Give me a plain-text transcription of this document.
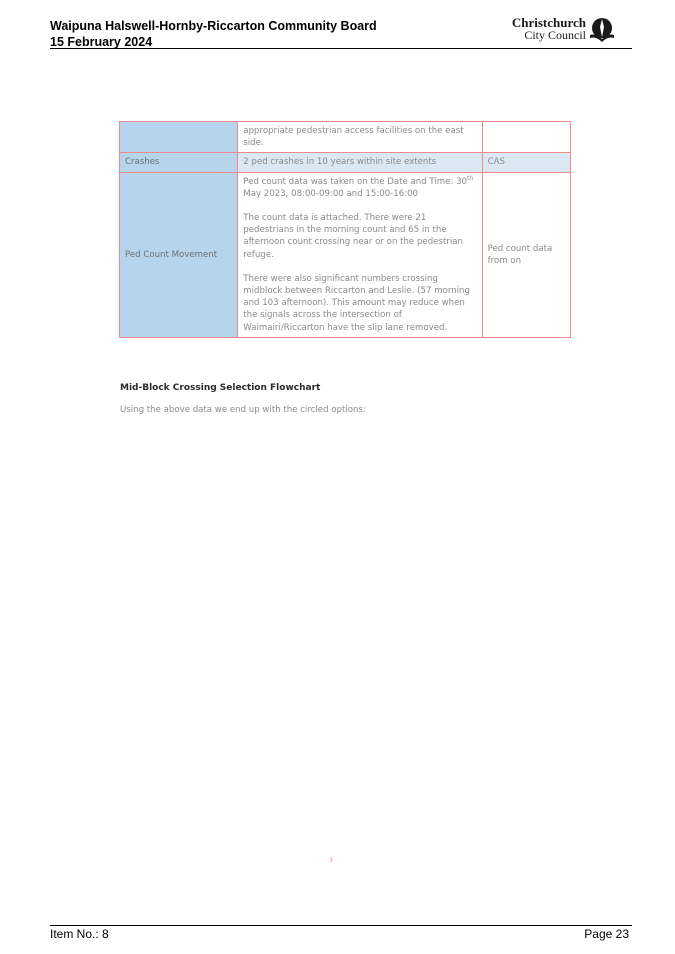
Waipuna Halswell-Hornby-Riccarton Community Board
15 February 2024
Christchurch
City Council
	appropriate pedestrian access facilities on the east side.	
Crashes	2 ped crashes in 10 years within site extents	CAS
Ped Count Movement	Ped count data was taken on the Date and Time: 30th May 2023, 08:00-09:00 and 15:00-16:00

The count data is attached. There were 21 pedestrians in the morning count and 65 in the afternoon count crossing near or on the pedestrian refuge.

There were also significant numbers crossing midblock between Riccarton and Leslie. (57 morning and 103 afternoon). This amount may reduce when the signals across the intersection of Waimairi/Riccarton have the slip lane removed.	Ped count data from on
Mid-Block Crossing Selection Flowchart
Using the above data we end up with the circled options:
3
Item No.: 8	Page 23
